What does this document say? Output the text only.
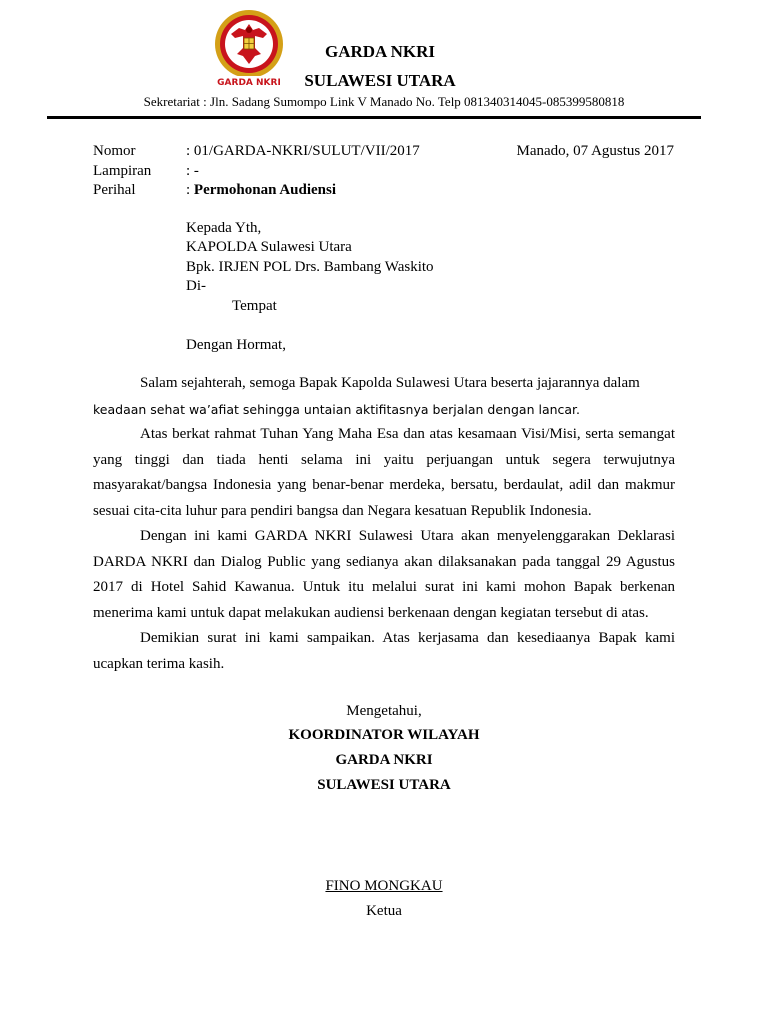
GARDA NKRI
GARDA NKRI
SULAWESI UTARA
Sekretariat : Jln. Sadang Sumompo Link V Manado No. Telp 081340314045-085399580818
Nomor	: 01/GARDA-NKRI/SULUT/VII/2017	Manado, 07 Agustus 2017
Lampiran : -
Perihal	: Permohonan Audiensi
Kepada Yth,
KAPOLDA Sulawesi Utara
Bpk. IRJEN POL Drs. Bambang Waskito
Di-
Tempat
Dengan Hormat,

Salam sejahterah, semoga Bapak Kapolda Sulawesi Utara beserta jajarannya dalam

keadaan sehat wa’afiat sehingga untaian aktifitasnya berjalan dengan lancar.

Atas berkat rahmat Tuhan Yang Maha Esa dan atas kesamaan Visi/Misi, serta semangat yang tinggi dan tiada henti selama ini yaitu perjuangan untuk segera terwujutnya masyarakat/bangsa Indonesia yang benar-benar merdeka, bersatu, berdaulat, adil dan makmur sesuai cita-cita luhur para pendiri bangsa dan Negara kesatuan Republik Indonesia.

Dengan ini kami GARDA NKRI Sulawesi Utara akan menyelenggarakan Deklarasi DARDA NKRI dan Dialog Public yang sedianya akan dilaksanakan pada tanggal 29 Agustus 2017 di Hotel Sahid Kawanua. Untuk itu melalui surat ini kami mohon Bapak berkenan menerima kami untuk dapat melakukan audiensi berkenaan dengan kegiatan tersebut di atas.

Demikian surat ini kami sampaikan. Atas kerjasama dan kesediaanya Bapak kami ucapkan terima kasih.

Mengetahui,
KOORDINATOR WILAYAH
GARDA NKRI
SULAWESI UTARA
FINO MONGKAU
Ketua
